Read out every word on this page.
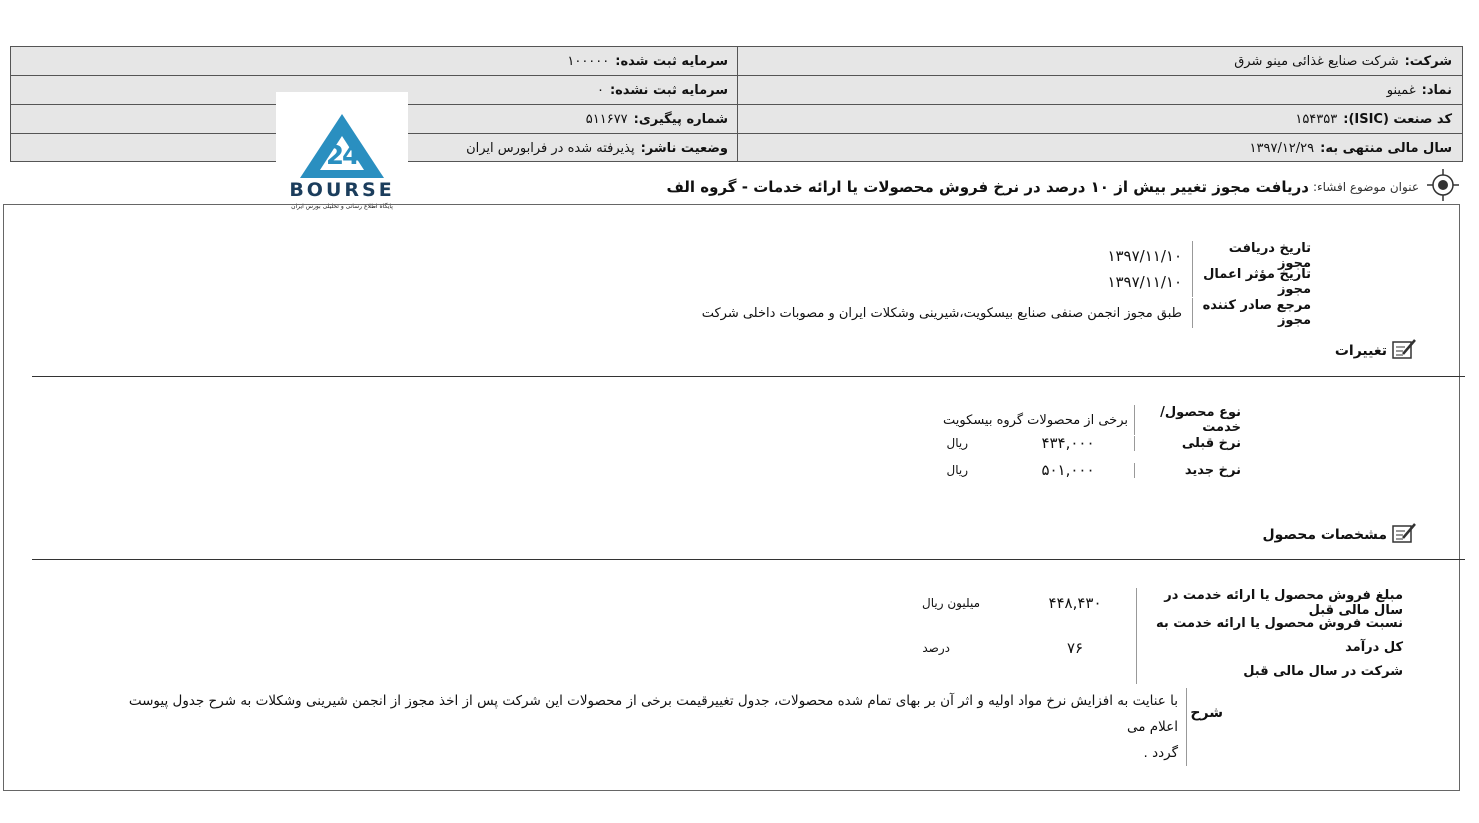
شرکت:
شرکت صنایع غذائی مینو شرق
سرمایه ثبت شده:
۱۰۰۰۰۰
نماد:
غمینو
سرمایه ثبت نشده:
۰
کد صنعت (ISIC):
۱۵۴۳۵۳
شماره پیگیری:
۵۱۱۶۷۷
سال مالی منتهی به:
۱۳۹۷/۱۲/۲۹
وضعیت ناشر:
پذیرفته شده در فرابورس ایران
2
4
BOURSE
پایگاه اطلاع رسانی و تحلیلی بورس ایران
عنوان موضوع افشاء:
دریافت مجوز تغییر بیش از ۱۰ درصد در نرخ فروش محصولات یا ارائه خدمات - گروه الف
تاریخ دریافت مجوز
۱۳۹۷/۱۱/۱۰
تاریخ مؤثر اعمال مجوز
۱۳۹۷/۱۱/۱۰
مرجع صادر کننده مجوز
طبق مجوز انجمن صنفی صنایع بیسکویت،شیرینی وشکلات ایران و مصوبات داخلی شرکت
تغییرات
نوع محصول/خدمت
برخی از محصولات گروه بیسکویت
نرخ قبلی
۴۳۴,۰۰۰
ریال
نرخ جدید
۵۰۱,۰۰۰
ریال
مشخصات محصول
مبلغ فروش محصول یا ارائه خدمت در سال مالی قبل
۴۴۸,۴۳۰
میلیون ریال
نسبت فروش محصول یا ارائه خدمت به کل درآمد
شرکت در سال مالی قبل
۷۶
درصد
شرح
با عنایت به افزایش نرخ مواد اولیه و اثر آن بر بهای تمام شده محصولات، جدول تغییرقیمت برخی از محصولات این شرکت پس از اخذ مجوز از انجمن شیرینی وشکلات به شرح جدول پیوست اعلام می
گردد .
